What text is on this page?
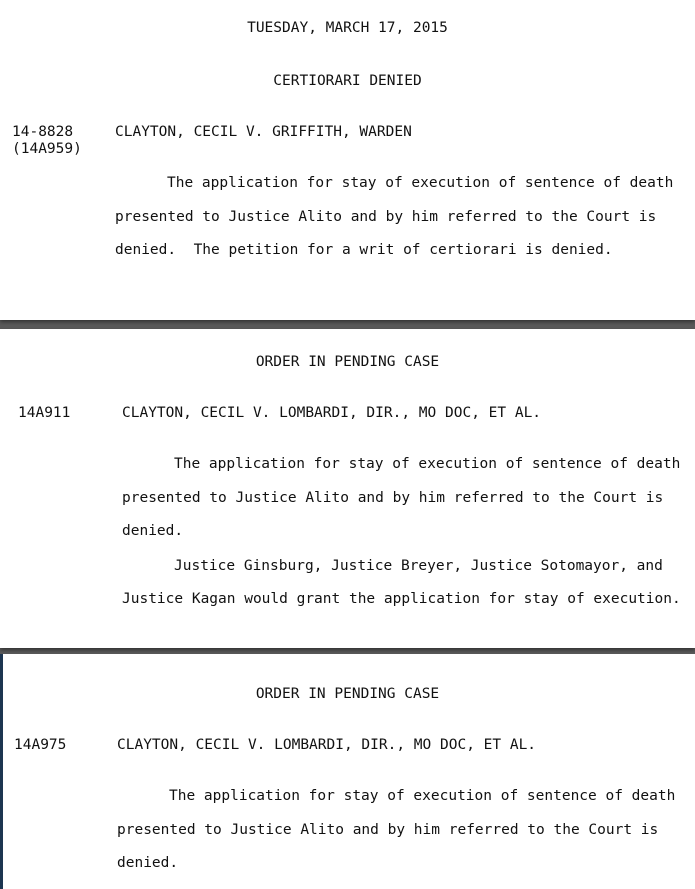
TUESDAY, MARCH 17, 2015
CERTIORARI DENIED
14-8828
(14A959)
CLAYTON, CECIL V. GRIFFITH, WARDEN
The application for stay of execution of sentence of death
presented to Justice Alito and by him referred to the Court is
denied.  The petition for a writ of certiorari is denied.
ORDER IN PENDING CASE
14A911	CLAYTON, CECIL V. LOMBARDI, DIR., MO DOC, ET AL.
The application for stay of execution of sentence of death
presented to Justice Alito and by him referred to the Court is
denied.
Justice Ginsburg, Justice Breyer, Justice Sotomayor, and
Justice Kagan would grant the application for stay of execution.
ORDER IN PENDING CASE
14A975	CLAYTON, CECIL V. LOMBARDI, DIR., MO DOC, ET AL.
The application for stay of execution of sentence of death
presented to Justice Alito and by him referred to the Court is
denied.
